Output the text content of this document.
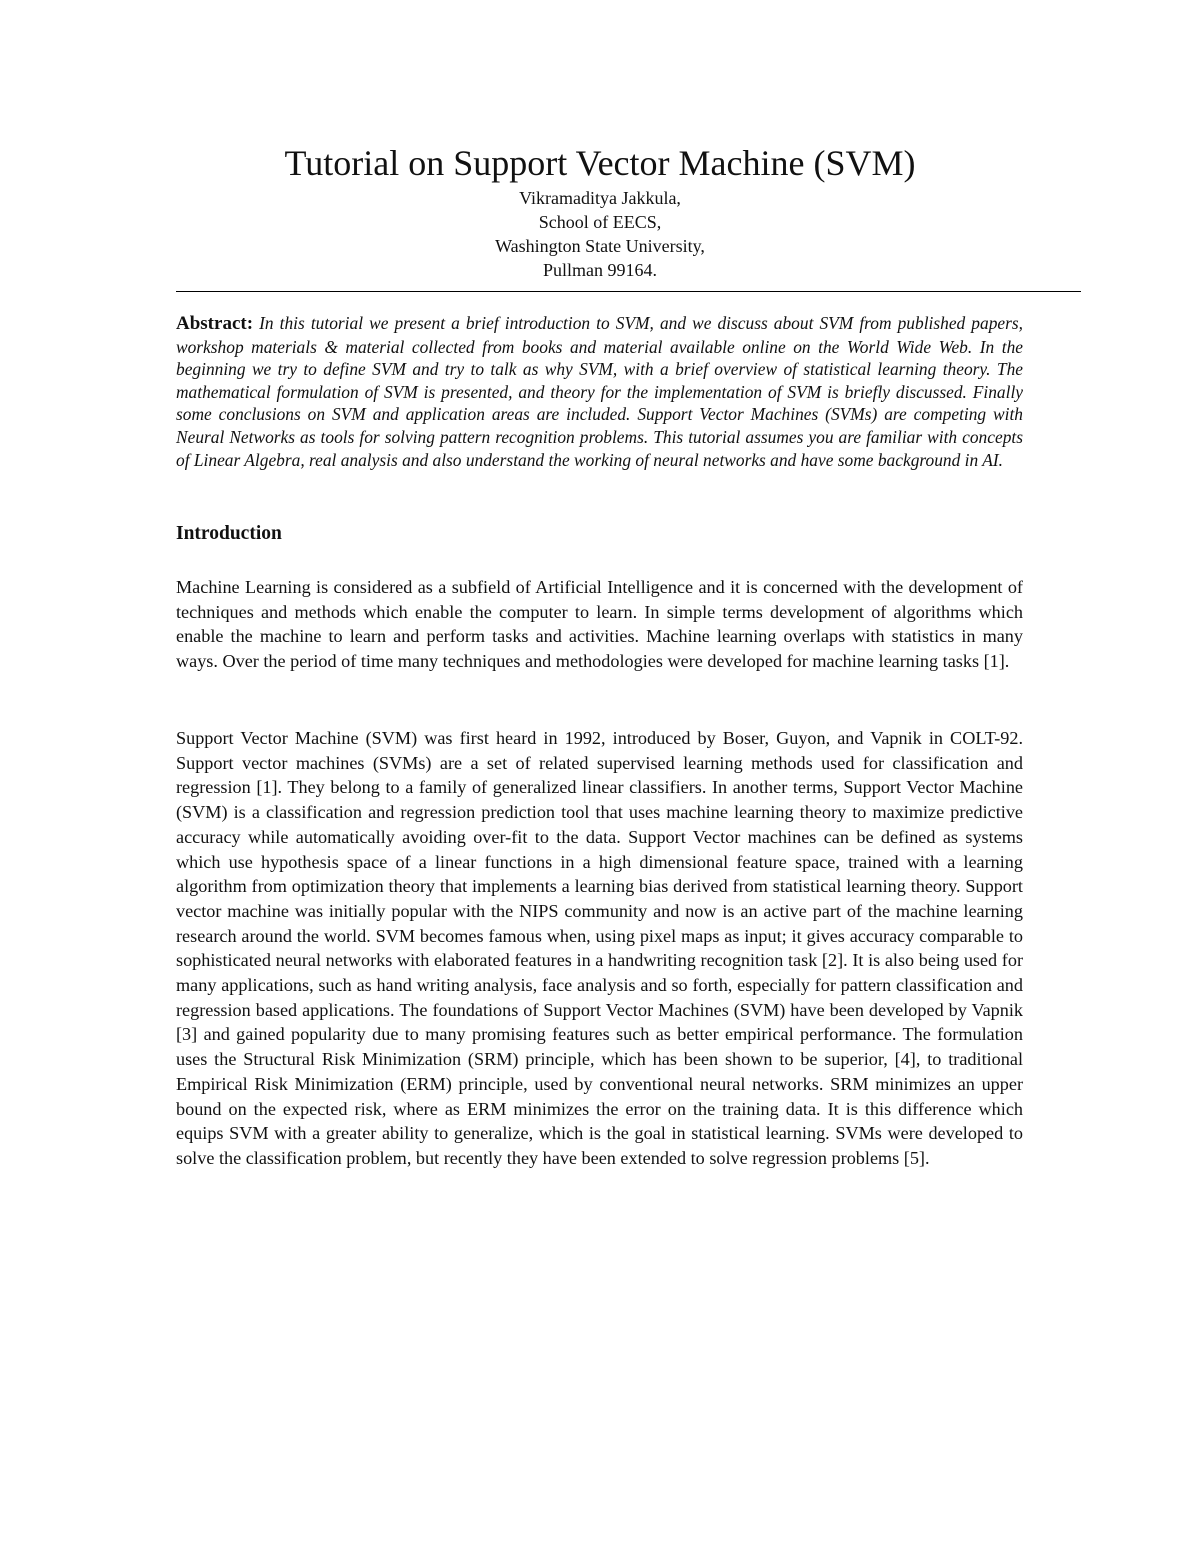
Tutorial on Support Vector Machine (SVM)
Vikramaditya Jakkula,
School of EECS,
Washington State University,
Pullman 99164.

Abstract: In this tutorial we present a brief introduction to SVM, and we discuss about SVM from published papers, workshop materials & material collected from books and material available online on the World Wide Web. In the beginning we try to define SVM and try to talk as why SVM, with a brief overview of statistical learning theory. The mathematical formulation of SVM is presented, and theory for the implementation of SVM is briefly discussed. Finally some conclusions on SVM and application areas are included. Support Vector Machines (SVMs) are competing with Neural Networks as tools for solving pattern recognition problems. This tutorial assumes you are familiar with concepts of Linear Algebra, real analysis and also understand the working of neural networks and have some background in AI.

Introduction

Machine Learning is considered as a subfield of Artificial Intelligence and it is concerned with the development of techniques and methods which enable the computer to learn. In simple terms development of algorithms which enable the machine to learn and perform tasks and activities. Machine learning overlaps with statistics in many ways. Over the period of time many techniques and methodologies were developed for machine learning tasks [1].

Support Vector Machine (SVM) was first heard in 1992, introduced by Boser, Guyon, and Vapnik in COLT-92. Support vector machines (SVMs) are a set of related supervised learning methods used for classification and regression [1]. They belong to a family of generalized linear classifiers. In another terms, Support Vector Machine (SVM) is a classification and regression prediction tool that uses machine learning theory to maximize predictive accuracy while automatically avoiding over-fit to the data. Support Vector machines can be defined as systems which use hypothesis space of a linear functions in a high dimensional feature space, trained with a learning algorithm from optimization theory that implements a learning bias derived from statistical learning theory. Support vector machine was initially popular with the NIPS community and now is an active part of the machine learning research around the world. SVM becomes famous when, using pixel maps as input; it gives accuracy comparable to sophisticated neural networks with elaborated features in a handwriting recognition task [2]. It is also being used for many applications, such as hand writing analysis, face analysis and so forth, especially for pattern classification and regression based applications. The foundations of Support Vector Machines (SVM) have been developed by Vapnik [3] and gained popularity due to many promising features such as better empirical performance. The formulation uses the Structural Risk Minimization (SRM) principle, which has been shown to be superior, [4], to traditional Empirical Risk Minimization (ERM) principle, used by conventional neural networks. SRM minimizes an upper bound on the expected risk, where as ERM minimizes the error on the training data. It is this difference which equips SVM with a greater ability to generalize, which is the goal in statistical learning. SVMs were developed to solve the classification problem, but recently they have been extended to solve regression problems [5].
